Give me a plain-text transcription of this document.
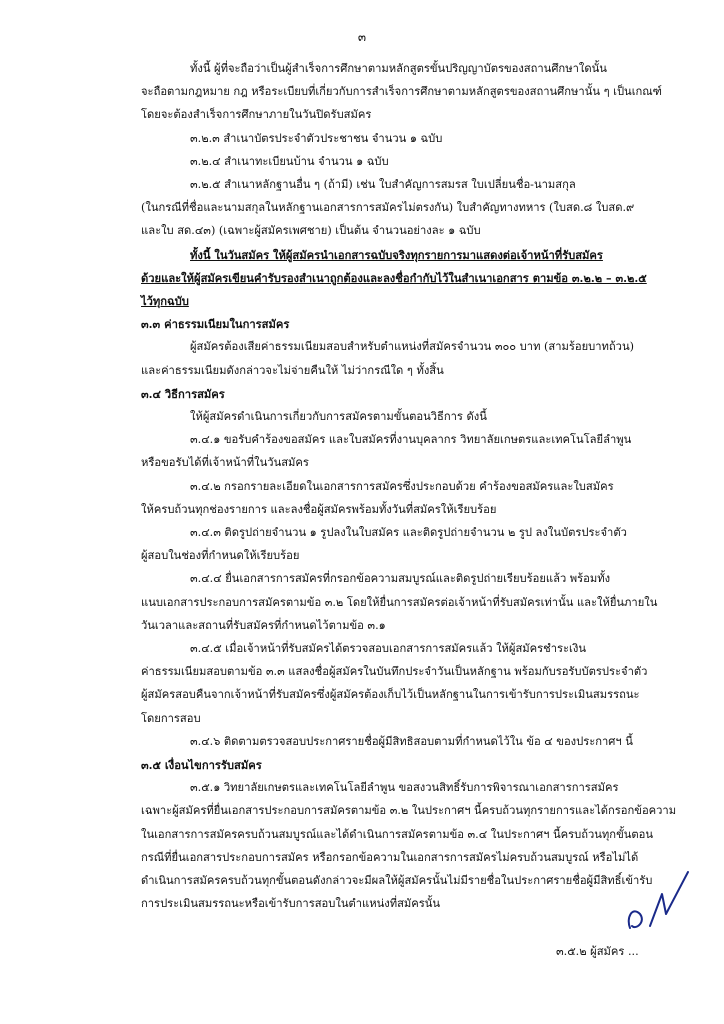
๓
ทั้งนี้ ผู้ที่จะถือว่าเป็นผู้สำเร็จการศึกษาตามหลักสูตรขั้นปริญญาบัตรของสถานศึกษาใดนั้น
จะถือตามกฎหมาย กฎ หรือระเบียบที่เกี่ยวกับการสำเร็จการศึกษาตามหลักสูตรของสถานศึกษานั้น ๆ เป็นเกณฑ์
โดยจะต้องสำเร็จการศึกษาภายในวันปิดรับสมัคร
๓.๒.๓ สำเนาบัตรประจำตัวประชาชน จำนวน ๑ ฉบับ
๓.๒.๔ สำเนาทะเบียนบ้าน จำนวน ๑ ฉบับ
๓.๒.๕ สำเนาหลักฐานอื่น ๆ (ถ้ามี) เช่น ใบสำคัญการสมรส ใบเปลี่ยนชื่อ-นามสกุล
(ในกรณีที่ชื่อและนามสกุลในหลักฐานเอกสารการสมัครไม่ตรงกัน) ใบสำคัญทางทหาร (ใบสด.๘ ใบสด.๙
และใบ สด.๔๓) (เฉพาะผู้สมัครเพศชาย) เป็นต้น จำนวนอย่างละ ๑ ฉบับ
ทั้งนี้ ในวันสมัคร ให้ผู้สมัครนำเอกสารฉบับจริงทุกรายการมาแสดงต่อเจ้าหน้าที่รับสมัคร
ด้วยและให้ผู้สมัครเขียนคำรับรองสำเนาถูกต้องและลงชื่อกำกับไว้ในสำเนาเอกสาร ตามข้อ ๓.๒.๒ – ๓.๒.๕
ไว้ทุกฉบับ
๓.๓ ค่าธรรมเนียมในการสมัคร
ผู้สมัครต้องเสียค่าธรรมเนียมสอบสำหรับตำแหน่งที่สมัครจำนวน ๓๐๐ บาท (สามร้อยบาทถ้วน)
และค่าธรรมเนียมดังกล่าวจะไม่จ่ายคืนให้ ไม่ว่ากรณีใด ๆ ทั้งสิ้น
๓.๔ วิธีการสมัคร
ให้ผู้สมัครดำเนินการเกี่ยวกับการสมัครตามขั้นตอนวิธีการ ดังนี้
๓.๔.๑ ขอรับคำร้องขอสมัคร และใบสมัครที่งานบุคลากร วิทยาลัยเกษตรและเทคโนโลยีลำพูน
หรือขอรับได้ที่เจ้าหน้าที่ในวันสมัคร
๓.๔.๒ กรอกรายละเอียดในเอกสารการสมัครซึ่งประกอบด้วย คำร้องขอสมัครและใบสมัคร
ให้ครบถ้วนทุกช่องรายการ และลงชื่อผู้สมัครพร้อมทั้งวันที่สมัครให้เรียบร้อย
๓.๔.๓ ติดรูปถ่ายจำนวน ๑ รูปลงในใบสมัคร และติดรูปถ่ายจำนวน ๒ รูป ลงในบัตรประจำตัว
ผู้สอบในช่องที่กำหนดให้เรียบร้อย
๓.๔.๔ ยื่นเอกสารการสมัครที่กรอกข้อความสมบูรณ์และติดรูปถ่ายเรียบร้อยแล้ว พร้อมทั้ง
แนบเอกสารประกอบการสมัครตามข้อ ๓.๒ โดยให้ยื่นการสมัครต่อเจ้าหน้าที่รับสมัครเท่านั้น และให้ยื่นภายใน
วันเวลาและสถานที่รับสมัครที่กำหนดไว้ตามข้อ ๓.๑
๓.๔.๕ เมื่อเจ้าหน้าที่รับสมัครได้ตรวจสอบเอกสารการสมัครแล้ว ให้ผู้สมัครชำระเงิน
ค่าธรรมเนียมสอบตามข้อ ๓.๓ แสลงชื่อผู้สมัครในบันทึกประจำวันเป็นหลักฐาน พร้อมกับรอรับบัตรประจำตัว
ผู้สมัครสอบคืนจากเจ้าหน้าที่รับสมัครซึ่งผู้สมัครต้องเก็บไว้เป็นหลักฐานในการเข้ารับการประเมินสมรรถนะ
โดยการสอบ
๓.๔.๖ ติดตามตรวจสอบประกาศรายชื่อผู้มีสิทธิสอบตามที่กำหนดไว้ใน ข้อ ๔ ของประกาศฯ นี้
๓.๕ เงื่อนไขการรับสมัคร
๓.๕.๒ ผู้สมัคร ...
๓.๕.๑ วิทยาลัยเกษตรและเทคโนโลยีลำพูน ขอสงวนสิทธิ์รับการพิจารณาเอกสารการสมัคร
เฉพาะผู้สมัครที่ยื่นเอกสารประกอบการสมัครตามข้อ ๓.๒ ในประกาศฯ นี้ครบถ้วนทุกรายการและได้กรอกข้อความ
ในเอกสารการสมัครครบถ้วนสมบูรณ์และได้ดำเนินการสมัครตามข้อ ๓.๔ ในประกาศฯ นี้ครบถ้วนทุกขั้นตอน
กรณีที่ยื่นเอกสารประกอบการสมัคร หรือกรอกข้อความในเอกสารการสมัครไม่ครบถ้วนสมบูรณ์ หรือไม่ได้
ดำเนินการสมัครครบถ้วนทุกขั้นตอนดังกล่าวจะมีผลให้ผู้สมัครนั้นไม่มีรายชื่อในประกาศรายชื่อผู้มีสิทธิ์เข้ารับ
การประเมินสมรรถนะหรือเข้ารับการสอบในตำแหน่งที่สมัครนั้น
